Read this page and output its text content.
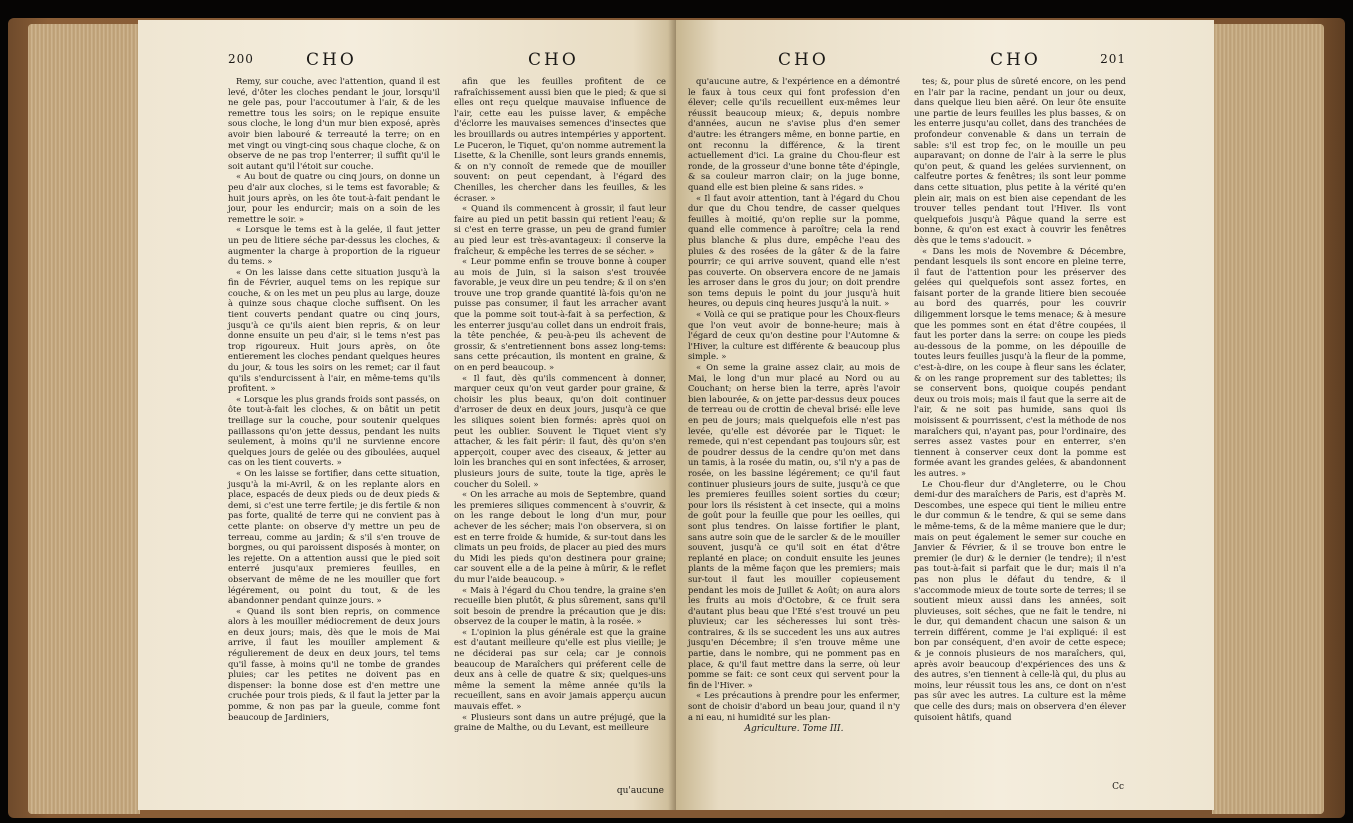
200	CHO	CHO

Remy, sur couche, avec l'attention, quand il est levé, d'ôter les cloches pendant le jour, lorsqu'il ne gele pas, pour l'accoutumer à l'air, & de les remettre tous les soirs; on le repique ensuite sous cloche, le long d'un mur bien exposé, après avoir bien labouré & terreauté la terre; on en met vingt ou vingt-cinq sous chaque cloche, & on observe de ne pas trop l'enterrer; il suffit qu'il le soit autant qu'il l'étoit sur couche.

« Au bout de quatre ou cinq jours, on donne un peu d'air aux cloches, si le tems est favorable; & huit jours après, on les ôte tout-à-fait pendant le jour, pour les endurcir; mais on a soin de les remettre le soir. »

« Lorsque le tems est à la gelée, il faut jetter un peu de litiere séche par-dessus les cloches, & augmenter la charge à proportion de la rigueur du tems. »

« On les laisse dans cette situation jusqu'à la fin de Février, auquel tems on les repique sur couche, & on les met un peu plus au large, douze à quinze sous chaque cloche suffisent. On les tient couverts pendant quatre ou cinq jours, jusqu'à ce qu'ils aient bien repris, & on leur donne ensuite un peu d'air, si le tems n'est pas trop rigoureux. Huit jours après, on ôte entierement les cloches pendant quelques heures du jour, & tous les soirs on les remet; car il faut qu'ils s'endurcissent à l'air, en même-tems qu'ils profitent. »

« Lorsque les plus grands froids sont passés, on ôte tout-à-fait les cloches, & on bâtit un petit treillage sur la couche, pour soutenir quelques paillassons qu'on jette dessus, pendant les nuits seulement, à moins qu'il ne survienne encore quelques jours de gelée ou des giboulées, auquel cas on les tient couverts. »

« On les laisse se fortifier, dans cette situation, jusqu'à la mi-Avril, & on les replante alors en place, espacés de deux pieds ou de deux pieds & demi, si c'est une terre fertile; je dis fertile & non pas forte, qualité de terre qui ne convient pas à cette plante: on observe d'y mettre un peu de terreau, comme au jardin; & s'il s'en trouve de borgnes, ou qui paroissent disposés à monter, on les rejette. On a attention aussi que le pied soit enterré jusqu'aux premieres feuilles, en observant de même de ne les mouiller que fort légérement, ou point du tout, & de les abandonner pendant quinze jours. »

« Quand ils sont bien repris, on commence alors à les mouiller médiocrement de deux jours en deux jours; mais, dès que le mois de Mai arrive, il faut les mouiller amplement & régulierement de deux en deux jours, tel tems qu'il fasse, à moins qu'il ne tombe de grandes pluies; car les petites ne doivent pas en dispenser: la bonne dose est d'en mettre une cruchée pour trois pieds, & il faut la jetter par la pomme, & non pas par la gueule, comme font beaucoup de Jardiniers,

afin que les feuilles profitent de ce rafraîchissement aussi bien que le pied; & que si elles ont reçu quelque mauvaise influence de l'air, cette eau les puisse laver, & empêche d'éclorre les mauvaises semences d'insectes que les brouillards ou autres intempéries y apportent. Le Puceron, le Tiquet, qu'on nomme autrement la Lisette, & la Chenille, sont leurs grands ennemis, & on n'y connoît de remede que de mouiller souvent: on peut cependant, à l'égard des Chenilles, les chercher dans les feuilles, & les écraser. »

« Quand ils commencent à grossir, il faut leur faire au pied un petit bassin qui retient l'eau; & si c'est en terre grasse, un peu de grand fumier au pied leur est très-avantageux: il conserve la fraîcheur, & empêche les terres de se sécher. »

« Leur pomme enfin se trouve bonne à couper au mois de Juin, si la saison s'est trouvée favorable, je veux dire un peu tendre; & il on s'en trouve une trop grande quantité là-fois qu'on ne puisse pas consumer, il faut les arracher avant que la pomme soit tout-à-fait à sa perfection, & les enterrer jusqu'au collet dans un endroit frais, la tête penchée, & peu-à-peu ils achevent de grossir, & s'entretiennent bons assez long-tems: sans cette précaution, ils montent en graine, & on en perd beaucoup. »

« Il faut, dès qu'ils commencent à donner, marquer ceux qu'on veut garder pour graine, & choisir les plus beaux, qu'on doit continuer d'arroser de deux en deux jours, jusqu'à ce que les siliques soient bien formés: après quoi on peut les oublier. Souvent le Tiquet vient s'y attacher, & les fait périr: il faut, dès qu'on s'en apperçoit, couper avec des ciseaux, & jetter au loin les branches qui en sont infectées, & arroser, plusieurs jours de suite, toute la tige, après le coucher du Soleil. »

« On les arrache au mois de Septembre, quand les premieres siliques commencent à s'ouvrir, & on les range debout le long d'un mur, pour achever de les sécher; mais l'on observera, si on est en terre froide & humide, & sur-tout dans les climats un peu froids, de placer au pied des murs du Midi les pieds qu'on destinera pour graine; car souvent elle a de la peine à mûrir, & le reflet du mur l'aide beaucoup. »

« Mais à l'égard du Chou tendre, la graine s'en recueille bien plutôt, & plus sûrement, sans qu'il soit besoin de prendre la précaution que je dis: observez de la couper le matin, à la rosée. »

« L'opinion la plus générale est que la graine est d'autant meilleure qu'elle est plus vieille; je ne déciderai pas sur cela; car je connois beaucoup de Maraîchers qui préferent celle de deux ans à celle de quatre & six; quelques-uns même la sement la même année qu'ils la recueillent, sans en avoir jamais apperçu aucun mauvais effet. »

« Plusieurs sont dans un autre préjugé, que la graine de Malthe, ou du Levant, est meilleure

qu'aucune
CHO	CHO	201

qu'aucune autre, & l'expérience en a démontré le faux à tous ceux qui font profession d'en élever; celle qu'ils recueillent eux-mêmes leur réussit beaucoup mieux; &, depuis nombre d'années, aucun ne s'avise plus d'en semer d'autre: les étrangers même, en bonne partie, en ont reconnu la différence, & la tirent actuellement d'ici. La graine du Chou-fleur est ronde, de la grosseur d'une bonne tête d'épingle, & sa couleur marron clair; on la juge bonne, quand elle est bien pleine & sans rides. »

« Il faut avoir attention, tant à l'égard du Chou dur que du Chou tendre, de casser quelques feuilles à moitié, qu'on replie sur la pomme, quand elle commence à paroître; cela la rend plus blanche & plus dure, empêche l'eau des pluies & des rosées de la gâter & de la faire pourrir; ce qui arrive souvent, quand elle n'est pas couverte. On observera encore de ne jamais les arroser dans le gros du jour; on doit prendre son tems depuis le point du jour jusqu'à huit heures, ou depuis cinq heures jusqu'à la nuit. »

« Voilà ce qui se pratique pour les Choux-fleurs que l'on veut avoir de bonne-heure; mais à l'égard de ceux qu'on destine pour l'Automne & l'Hiver, la culture est différente & beaucoup plus simple. »

« On seme la graine assez clair, au mois de Mai, le long d'un mur placé au Nord ou au Couchant; on herse bien la terre, après l'avoir bien labourée, & on jette par-dessus deux pouces de terreau ou de crottin de cheval brisé: elle leve en peu de jours; mais quelquefois elle n'est pas levée, qu'elle est dévorée par le Tiquet: le remede, qui n'est cependant pas toujours sûr, est de poudrer dessus de la cendre qu'on met dans un tamis, à la rosée du matin, ou, s'il n'y a pas de rosée, on les bassine légérement; ce qu'il faut continuer plusieurs jours de suite, jusqu'à ce que les premieres feuilles soient sorties du cœur; pour lors ils résistent à cet insecte, qui a moins de goût pour la feuille que pour les oeilles, qui sont plus tendres. On laisse fortifier le plant, sans autre soin que de le sarcler & de le mouiller souvent, jusqu'à ce qu'il soit en état d'être replanté en place; on conduit ensuite les jeunes plants de la même façon que les premiers; mais sur-tout il faut les mouiller copieusement pendant les mois de Juillet & Août; on aura alors les fruits au mois d'Octobre, & ce fruit sera d'autant plus beau que l'Eté s'est trouvé un peu pluvieux; car les sécheresses lui sont très-contraires, & ils se succedent les uns aux autres jusqu'en Décembre; il s'en trouve même une partie, dans le nombre, qui ne pomment pas en place, & qu'il faut mettre dans la serre, où leur pomme se fait: ce sont ceux qui servent pour la fin de l'Hiver. »

« Les précautions à prendre pour les enfermer, sont de choisir d'abord un beau jour, quand il n'y a ni eau, ni humidité sur les plan-

Agriculture. Tome III.

tes; &, pour plus de sûreté encore, on les pend en l'air par la racine, pendant un jour ou deux, dans quelque lieu bien aëré. On leur ôte ensuite une partie de leurs feuilles les plus basses, & on les enterre jusqu'au collet, dans des tranchées de profondeur convenable & dans un terrain de sable: s'il est trop fec, on le mouille un peu auparavant; on donne de l'air à la serre le plus qu'on peut, & quand les gelées surviennent, on calfeutre portes & fenêtres; ils sont leur pomme dans cette situation, plus petite à la vérité qu'en plein air, mais on est bien aise cependant de les trouver telles pendant tout l'Hiver. Ils vont quelquefois jusqu'à Pâque quand la serre est bonne, & qu'on est exact à couvrir les fenêtres dès que le tems s'adoucit. »

« Dans les mois de Novembre & Décembre, pendant lesquels ils sont encore en pleine terre, il faut de l'attention pour les préserver des gelées qui quelquefois sont assez fortes, en faisant porter de la grande litiere bien secouée au bord des quarrés, pour les couvrir diligemment lorsque le tems menace; & à mesure que les pommes sont en état d'être coupées, il faut les porter dans la serre: on coupe les pieds au-dessous de la pomme, on les dépouille de toutes leurs feuilles jusqu'à la fleur de la pomme, c'est-à-dire, on les coupe à fleur sans les éclater, & on les range proprement sur des tablettes; ils se conservent bons, quoique coupés pendant deux ou trois mois; mais il faut que la serre ait de l'air, & ne soit pas humide, sans quoi ils moisissent & pourrissent, c'est la méthode de nos maraîchers qui, n'ayant pas, pour l'ordinaire, des serres assez vastes pour en enterrer, s'en tiennent à conserver ceux dont la pomme est formée avant les grandes gelées, & abandonnent les autres. »

Le Chou-fleur dur d'Angleterre, ou le Chou demi-dur des maraîchers de Paris, est d'après M. Descombes, une espece qui tient le milieu entre le dur commun & le tendre, & qui se seme dans le même-tems, & de la même maniere que le dur; mais on peut également le semer sur couche en Janvier & Février, & il se trouve bon entre le premier (le dur) & le dernier (le tendre); il n'est pas tout-à-fait si parfait que le dur; mais il n'a pas non plus le défaut du tendre, & il s'accommode mieux de toute sorte de terres; il se soutient mieux aussi dans les années, soit pluvieuses, soit séches, que ne fait le tendre, ni le dur, qui demandent chacun une saison & un terrein différent, comme je l'ai expliqué: il est bon par conséquent, d'en avoir de cette espece; & je connois plusieurs de nos maraîchers, qui, après avoir beaucoup d'expériences des uns & des autres, s'en tiennent à celle-là qui, du plus au moins, leur réussit tous les ans, ce dont on n'est pas sûr avec les autres. La culture est la même que celle des durs; mais on observera d'en élever quisoient hâtifs, quand

Cc
